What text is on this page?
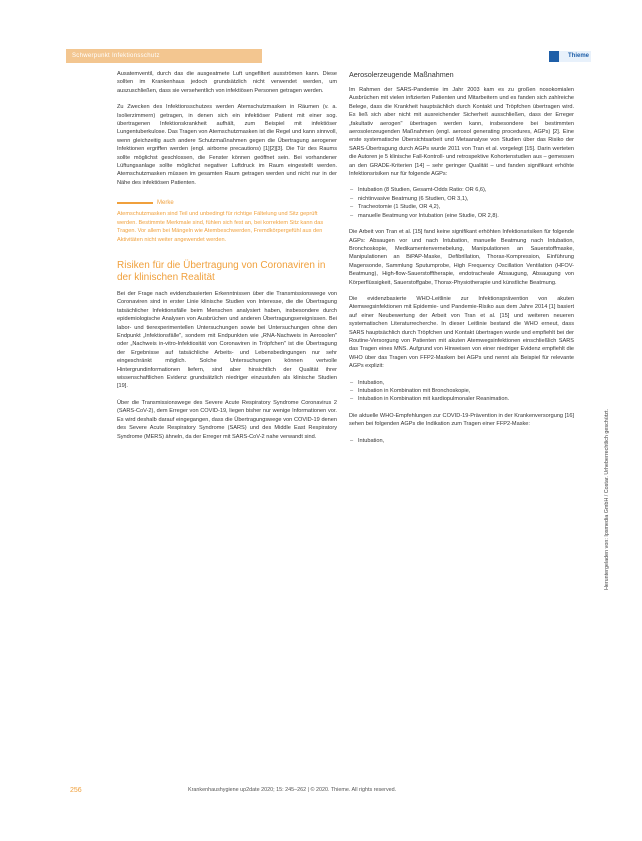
Schwerpunkt Infektionsschutz	Thieme

Ausatemventil, durch das die ausgeatmete Luft ungefiltert ausströmen kann. Diese sollten im Krankenhaus jedoch grundsätzlich nicht verwendet werden, um auszuschließen, dass sie versehentlich von infektiösen Personen getragen werden.

Zu Zwecken des Infektionsschutzes werden Atemschutzmasken in Räumen (v. a. Isolierzimmern) getragen, in denen sich ein infektiöser Patient mit einer sog. übertragenen Infektionskrankheit aufhält, zum Beispiel mit infektiöser Lungentuberkulose. Das Tragen von Atemschutzmasken ist die Regel und kann sinnvoll, wenn gleichzeitig auch andere Schutzmaßnahmen gegen die Übertragung aerogener Infektionen ergriffen werden (engl. airborne precautions) [1][2][3]. Die Tür des Raums sollte möglichst geschlossen, die Fenster können geöffnet sein. Bei vorhandener Lüftungsanlage sollte möglichst negativer Luftdruck im Raum eingestellt werden. Atemschutzmasken müssen im gesamten Raum getragen werden und nicht nur in der Nähe des infektiösen Patienten.

Merke
Atemschutzmasken sind Teil und unbedingt für richtige Fältelung und Sitz geprüft werden. Bestimmte Merkmale sind, fühlen sich fest an, bei korrektem Sitz kann das Tragen. Vor allem bei Mängeln wie Atembeschwerden, Fremdkörpergefühl aus den Aktivitäten nicht weiter angewendet werden.
Risiken für die Übertragung von Coronaviren in der klinischen Realität

Bei der Frage nach evidenzbasierten Erkenntnissen über die Transmissionswege von Coronaviren sind in erster Linie klinische Studien von Interesse, die die Übertragung tatsächlicher Infektionsfälle beim Menschen analysiert haben, insbesondere durch epidemiologische Analysen von Ausbrüchen und anderen Übertragungsereignissen. Bei labor- und tierexperimentellen Untersuchungen sowie bei Untersuchungen ohne den Endpunkt „Infektionsfälle", sondern mit Endpunkten wie „RNA-Nachweis in Aerosolen" oder „Nachweis in-vitro-Infektiosität von Coronaviren in Tröpfchen" ist die Übertragung der Ergebnisse auf tatsächliche Arbeits- und Lebensbedingungen nur sehr eingeschränkt möglich. Solche Untersuchungen können vertvolle Hintergrundinformationen liefern, sind aber hinsichtlich der Qualität ihrer wissenschaftlichen Evidenz grundsätzlich niedriger einzustufen als klinische Studien [19].

Über die Transmissionswege des Severe Acute Respiratory Syndrome Coronavirus 2 (SARS-CoV-2), dem Erreger von COVID-19, liegen bisher nur wenige Informationen vor. Es wird deshalb darauf eingegangen, dass die Übertragungswege von COVID-19 denen des Severe Acute Respiratory Syndrome (SARS) und des Middle East Respiratory Syndrome (MERS) ähneln, da der Erreger mit SARS-CoV-2 nahe verwandt sind.

Aerosolerzeugende Maßnahmen

Im Rahmen der SARS-Pandemie im Jahr 2003 kam es zu großen nosokomialen Ausbrüchen mit vielen infizierten Patienten und Mitarbeitern und es fanden sich zahlreiche Belege, dass die Krankheit hauptsächlich durch Kontakt und Tröpfchen übertragen wird. Es ließ sich aber nicht mit ausreichender Sicherheit ausschließen, dass der Erreger „fakultativ aerogen" übertragen werden kann, insbesondere bei bestimmten aerosolerzeugenden Maßnahmen (engl. aerosol generating procedures, AGPs) [2]. Eine erste systematische Übersichtsarbeit und Metaanalyse von Studien über das Risiko der SARS-Übertragung durch AGPs wurde 2011 von Tran et al. vorgelegt [15]. Darin werteten die Autoren je 5 klinische Fall-Kontroll- und retrospektive Kohortenstudien aus – gemessen an den GRADE-Kriterien [14] – sehr geringer Qualität – und fanden signifikant erhöhte Infektionsrisiken nur für folgende AGPs:

– Intubation (8 Studien, Gesamt-Odds Ratio: OR 6,6),
– nichtinvasive Beatmung (6 Studien, OR 3,1),
– Tracheotomie (1 Studie, OR 4,2),
– manuelle Beatmung vor Intubation (eine Studie, OR 2,8).

Die Arbeit von Tran et al. [15] fand keine signifikant erhöhten Infektionsrisiken für folgende AGPs: Absaugen vor und nach Intubation, manuelle Beatmung nach Intubation, Bronchoskopie, Medikamentenvernebelung, Manipulationen an Sauerstoffmaske, Manipulationen an BiPAP-Maske, Defibrillation, Thorax-Kompression, Einführung Magensonde, Sammlung Sputumprobe, High Frequency Oscillation Ventilation (HFOV-Beatmung), High-flow-Sauerstofftherapie, endotracheale Absaugung, Absaugung von Körperflüssigkeit, Sauerstoffgabe, Thorax-Physiotherapie und künstliche Beatmung.

Die evidenzbasierte WHO-Leitlinie zur Infektionsprävention von akuten Atemwegsinfektionen mit Epidemie- und Pandemie-Risiko aus dem Jahre 2014 [1] basiert auf einer Neubewertung der Arbeit von Tran et al. [15] und weiteren neueren systematischen Literaturrecherche. In dieser Leitlinie bestand die WHO erneut, dass SARS hauptsächlich durch Tröpfchen und Kontakt übertragen wurde und empfiehlt bei der Routine-Versorgung von Patienten mit akuten Atemwegsinfektionen einschließlich SARS das Tragen eines MNS. Aufgrund von Hinweisen von einer niedriger Evidenz empfiehlt die WHO über das Tragen von FFP2-Masken bei AGPs und nennt als Beispiel für relevante AGPs explizit:

– Intubation,
– Intubation in Kombination mit Bronchoskopie,
– Intubation in Kombination mit kardiopulmonaler Reanimation.

Die aktuelle WHO-Empfehlungen zur COVID-19-Prävention in der Krankenversorgung [16] sehen bei folgenden AGPs die Indikation zum Tragen einer FFP2-Maske:

– Intubation,	Heruntergeladen von: Ipsmedia GmbH / Costar. Urheberrechtlich geschützt.
256	Krankenhaushygiene up2date 2020; 15: 245–262 | © 2020. Thieme. All rights reserved.
